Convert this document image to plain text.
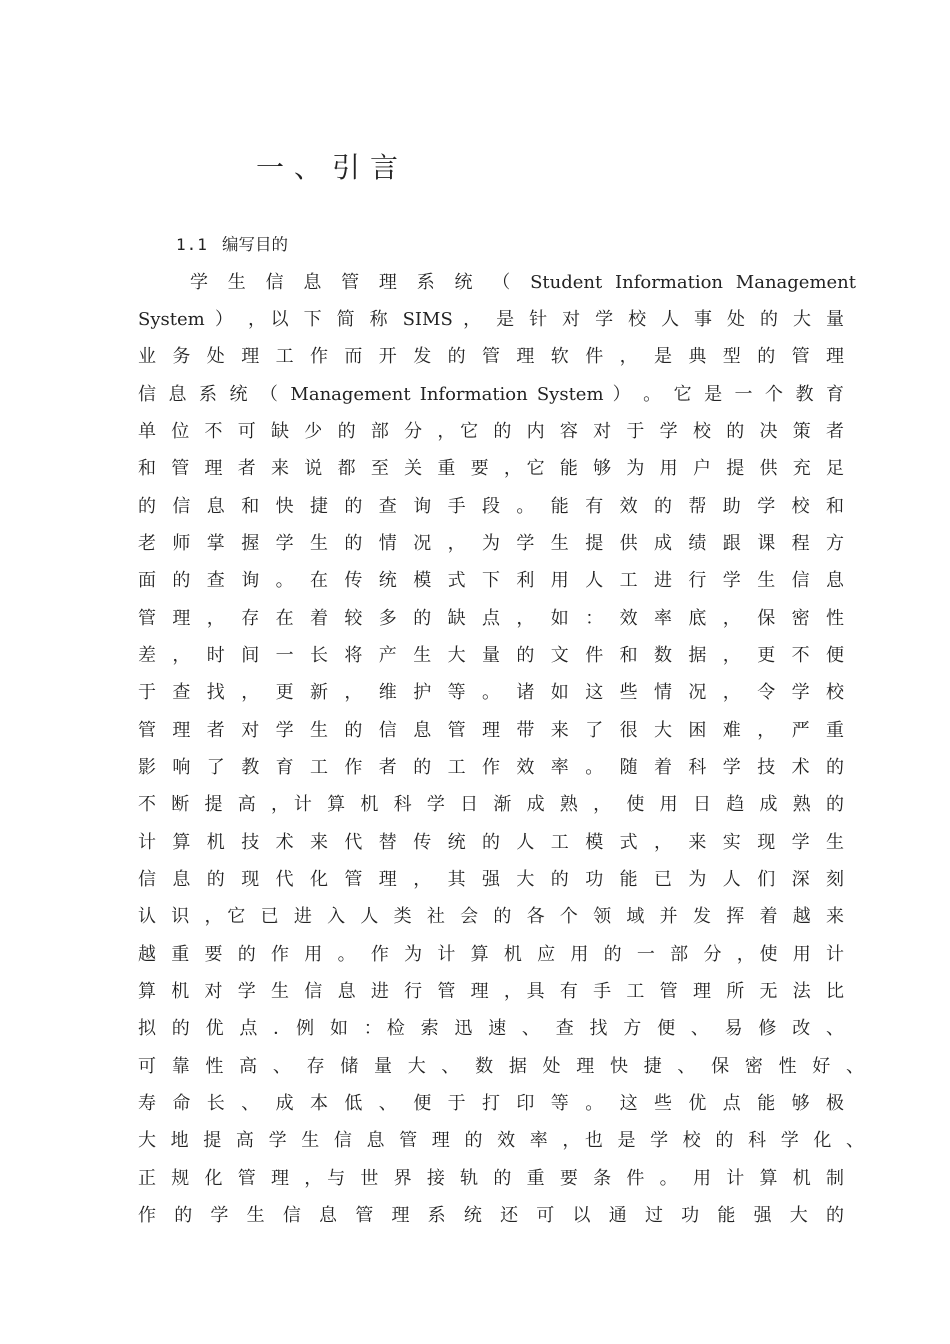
一、引言
1.1 编写目的
学 生 信 息 管 理 系 统 （ Student Information Management
System ） ，以 下 简 称 SIMS ， 是 针 对 学 校 人 事 处 的 大 量
业 务 处 理 工 作 而 开 发 的 管 理 软 件 ， 是 典 型 的 管 理
信 息 系 统 （ Management Information System ） 。 它 是 一 个 教 育
单 位 不 可 缺 少 的 部 分 ，它 的 内 容 对 于 学 校 的 决 策 者
和 管 理 者 来 说 都 至 关 重 要 ，它 能 够 为 用 户 提 供 充 足
的 信 息 和 快 捷 的 查 询 手 段 。 能 有 效 的 帮 助 学 校 和
老 师 掌 握 学 生 的 情 况 ， 为 学 生 提 供 成 绩 跟 课 程 方
面 的 查 询 。 在 传 统 模 式 下 利 用 人 工 进 行 学 生 信 息
管 理 ， 存 在 着 较 多 的 缺 点 ， 如 ： 效 率 底 ， 保 密 性
差 ， 时 间 一 长 将 产 生 大 量 的 文 件 和 数 据 ， 更 不 便
于 查 找 ， 更 新 ， 维 护 等 。 诸 如 这 些 情 况 ， 令 学 校
管 理 者 对 学 生 的 信 息 管 理 带 来 了 很 大 困 难 ， 严 重
影 响 了 教 育 工 作 者 的 工 作 效 率 。 随 着 科 学 技 术 的
不 断 提 高 ，计 算 机 科 学 日 渐 成 熟 ， 使 用 日 趋 成 熟 的
计 算 机 技 术 来 代 替 传 统 的 人 工 模 式 ， 来 实 现 学 生
信 息 的 现 代 化 管 理 ， 其 强 大 的 功 能 已 为 人 们 深 刻
认 识 ，它 已 进 入 人 类 社 会 的 各 个 领 域 并 发 挥 着 越 来
越 重 要 的 作 用 。 作 为 计 算 机 应 用 的 一 部 分 ，使 用 计
算 机 对 学 生 信 息 进 行 管 理 ，具 有 手 工 管 理 所 无 法 比
拟 的 优 点 ．例 如 ：检 索 迅 速 、 查 找 方 便 、 易 修 改 、
可 靠 性 高 、 存 储 量 大 、 数 据 处 理 快 捷 、 保 密 性 好 、
寿 命 长 、 成 本 低 、 便 于 打 印 等 。 这 些 优 点 能 够 极
大 地 提 高 学 生 信 息 管 理 的 效 率 ，也 是 学 校 的 科 学 化 、
正 规 化 管 理 ，与 世 界 接 轨 的 重 要 条 件 。 用 计 算 机 制
作 的 学 生 信 息 管 理 系 统 还 可 以 通 过 功 能 强 大 的
